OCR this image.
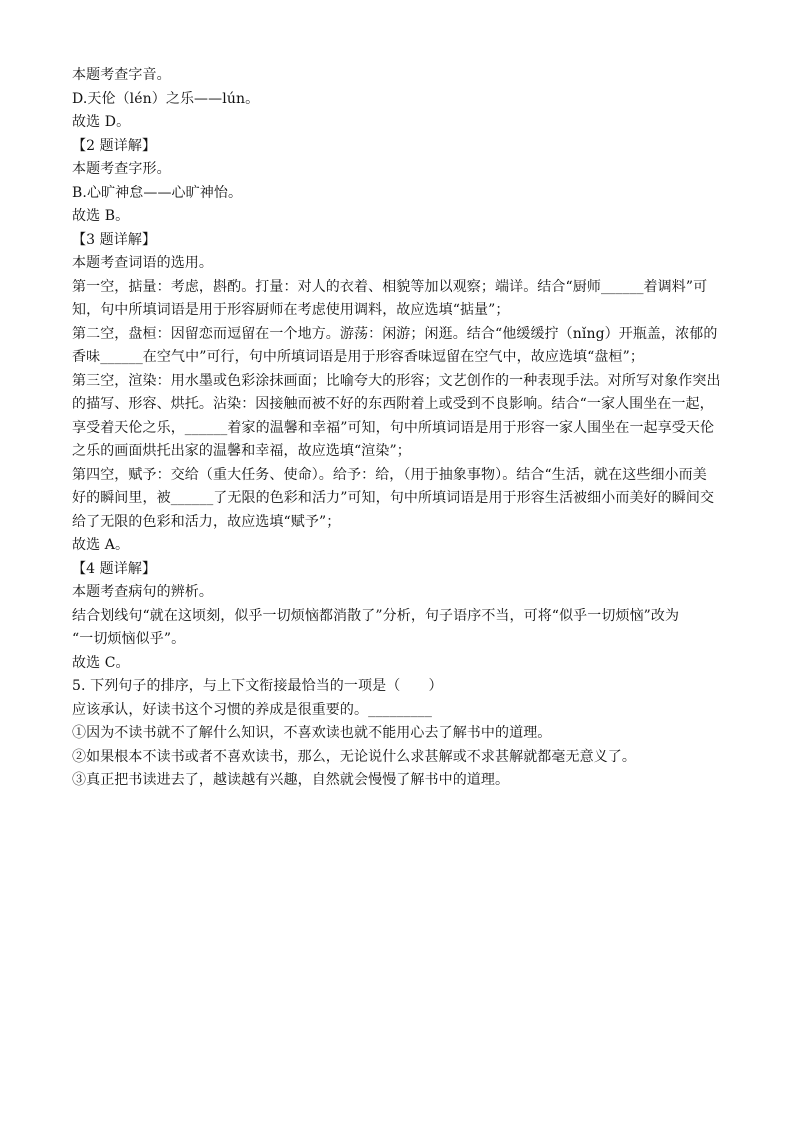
本题考查字音。

D.天伦（lén）之乐——lún。

故选 D。

【2 题详解】

本题考查字形。

B.心旷神怠——心旷神怡。

故选 B。

【3 题详解】

本题考查词语的选用。

第一空，掂量：考虑，斟酌。打量：对人的衣着、相貌等加以观察；端详。结合“厨师______着调料”可

知，句中所填词语是用于形容厨师在考虑使用调料，故应选填“掂量”；

第二空，盘桓：因留恋而逗留在一个地方。游荡：闲游；闲逛。结合“他缓缓拧（nǐng）开瓶盖，浓郁的

香味______在空气中”可行，句中所填词语是用于形容香味逗留在空气中，故应选填“盘桓”；

第三空，渲染：用水墨或色彩涂抹画面；比喻夸大的形容；文艺创作的一种表现手法。对所写对象作突出

的描写、形容、烘托。沾染：因接触而被不好的东西附着上或受到不良影响。结合“一家人围坐在一起，

享受着天伦之乐，______着家的温馨和幸福”可知，句中所填词语是用于形容一家人围坐在一起享受天伦

之乐的画面烘托出家的温馨和幸福，故应选填“渲染”；

第四空，赋予：交给（重大任务、使命）。给予：给，（用于抽象事物）。结合“生活，就在这些细小而美

好的瞬间里，被______了无限的色彩和活力”可知，句中所填词语是用于形容生活被细小而美好的瞬间交

给了无限的色彩和活力，故应选填“赋予”；

故选 A。

【4 题详解】

本题考查病句的辨析。

结合划线句“就在这顷刻，似乎一切烦恼都消散了”分析，句子语序不当，可将“似乎一切烦恼”改为

“一切烦恼似乎”。

故选 C。

5. 下列句子的排序，与上下文衔接最恰当的一项是（　　）

应该承认，好读书这个习惯的养成是很重要的。_________

①因为不读书就不了解什么知识，不喜欢读也就不能用心去了解书中的道理。

②如果根本不读书或者不喜欢读书，那么，无论说什么求甚解或不求甚解就都毫无意义了。

③真正把书读进去了，越读越有兴趣，自然就会慢慢了解书中的道理。
